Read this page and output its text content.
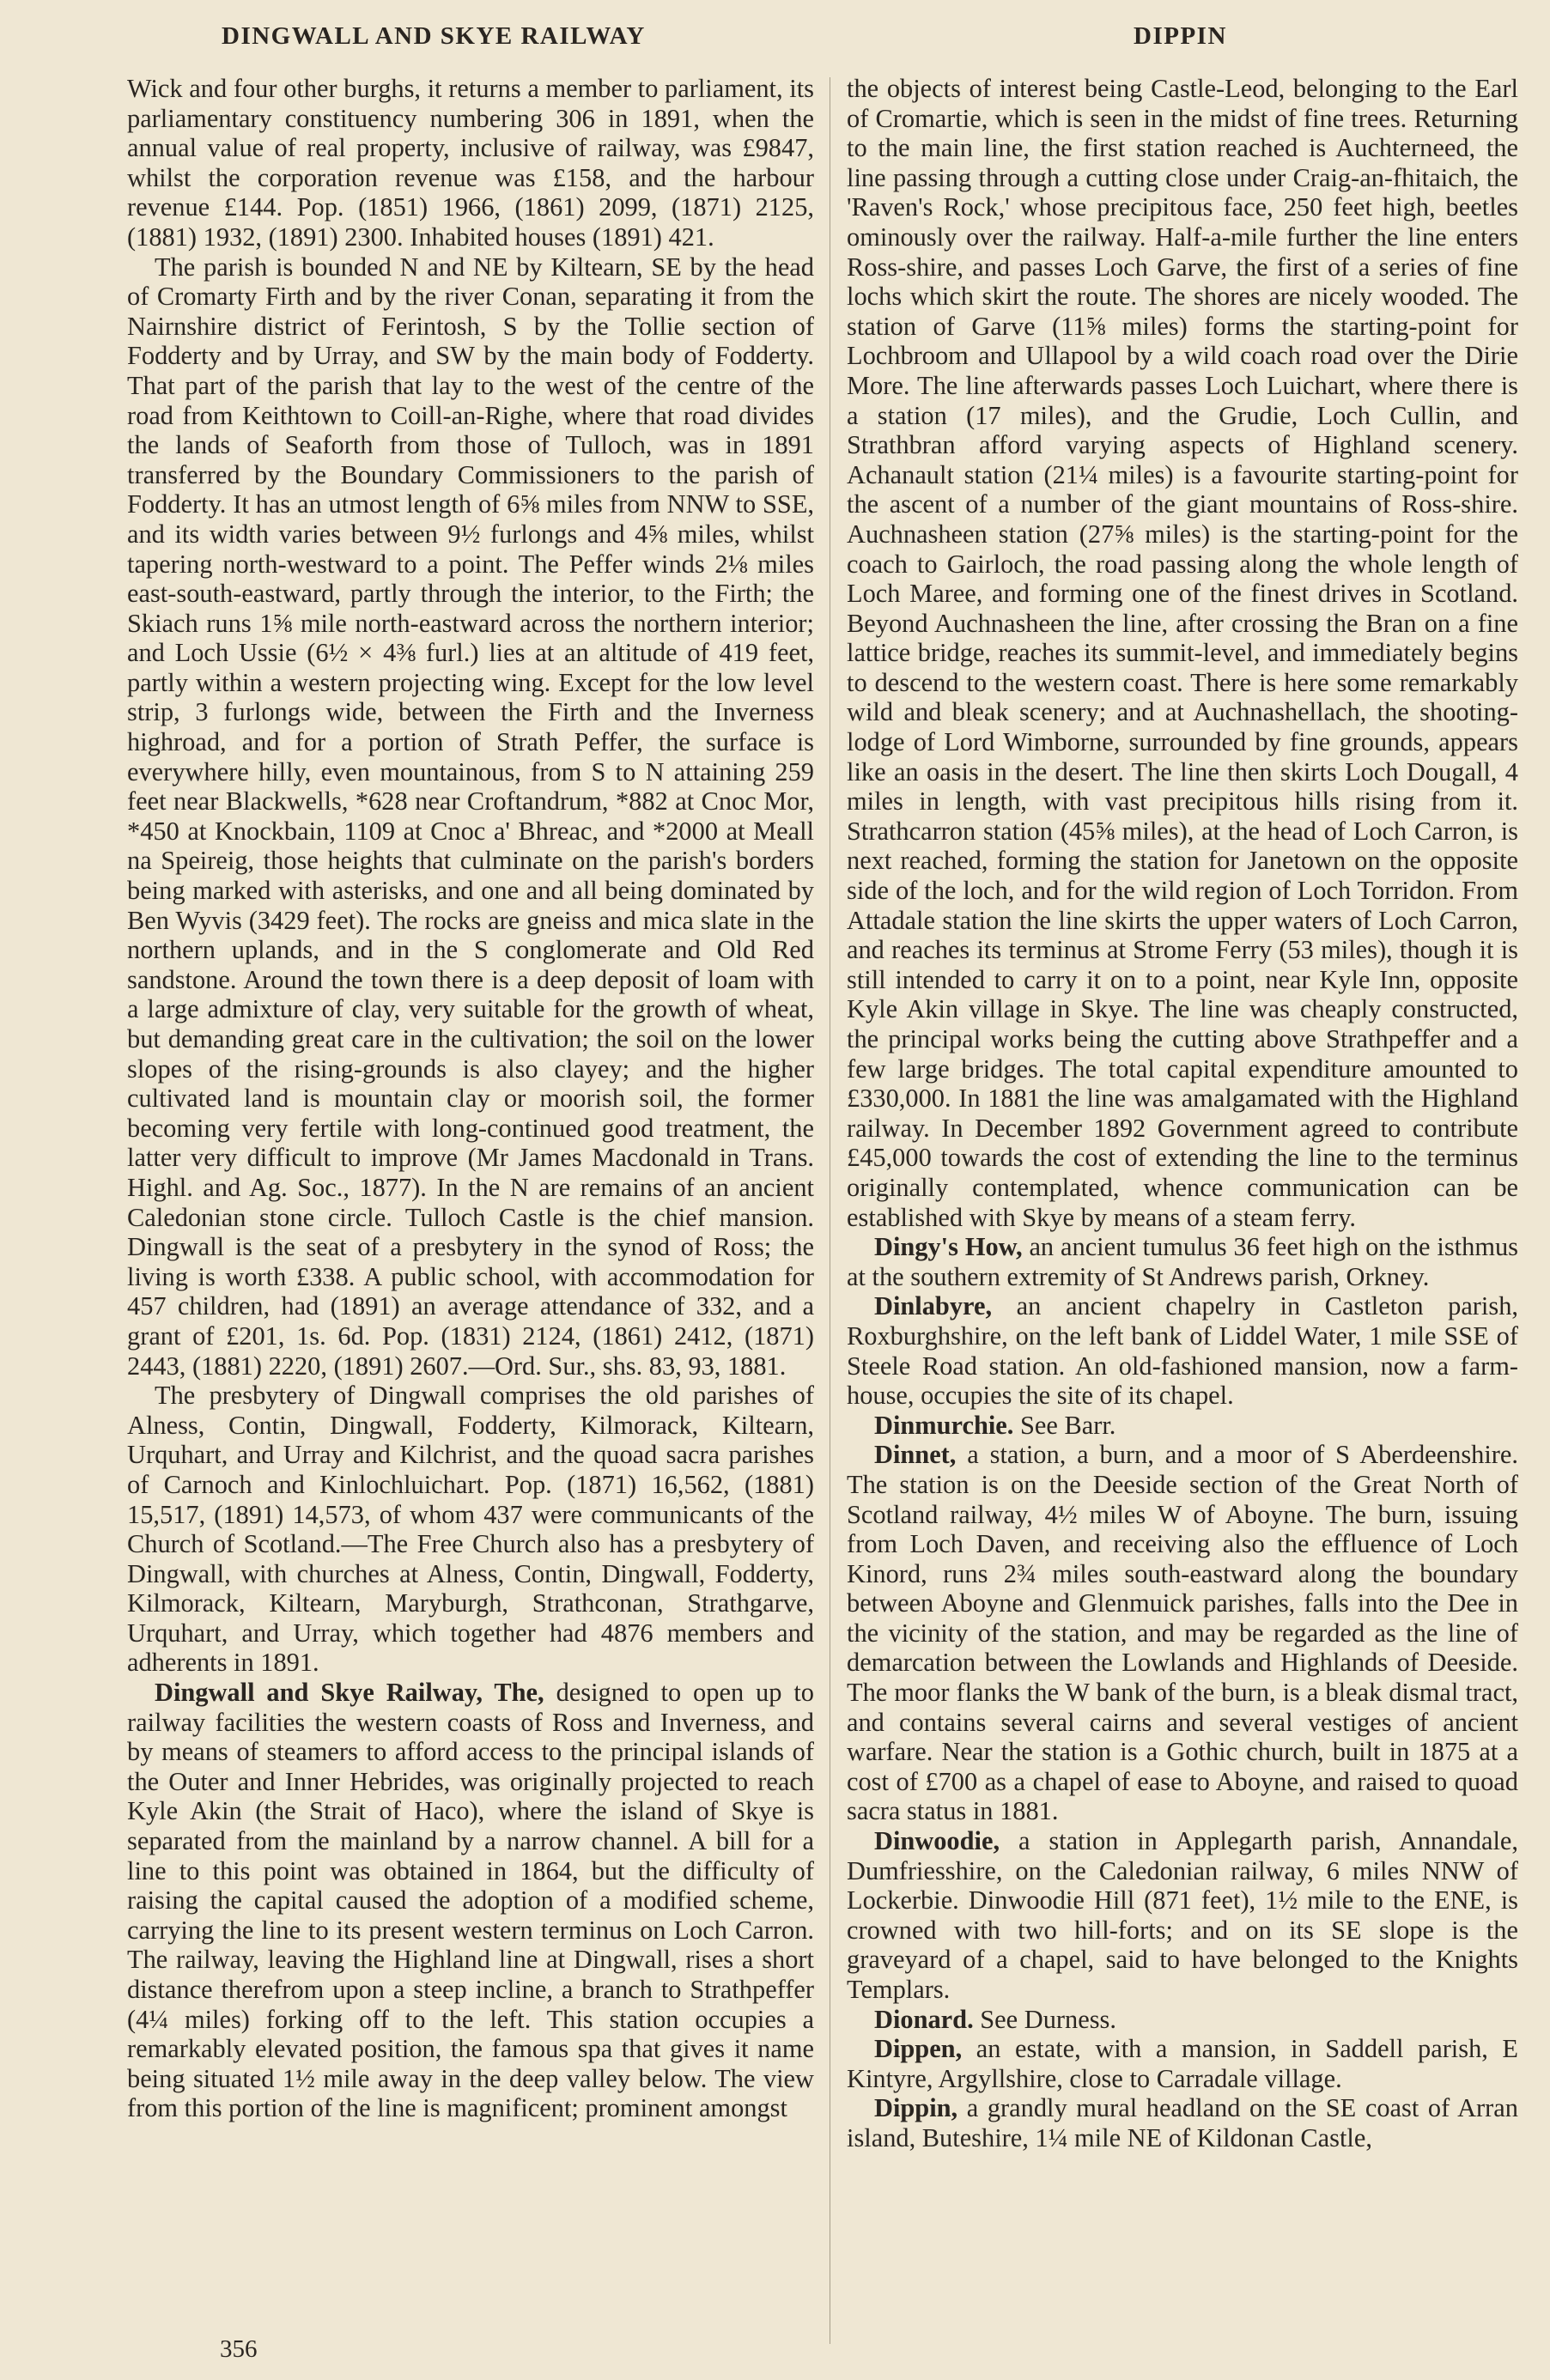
DINGWALL AND SKYE RAILWAY	DIPPIN

Wick and four other burghs, it returns a member to parliament, its parliamentary constituency numbering 306 in 1891, when the annual value of real property, inclusive of railway, was £9847, whilst the corporation revenue was £158, and the harbour revenue £144. Pop. (1851) 1966, (1861) 2099, (1871) 2125, (1881) 1932, (1891) 2300. Inhabited houses (1891) 421.

The parish is bounded N and NE by Kiltearn, SE by the head of Cromarty Firth and by the river Conan, separating it from the Nairnshire district of Ferintosh, S by the Tollie section of Fodderty and by Urray, and SW by the main body of Fodderty. That part of the parish that lay to the west of the centre of the road from Keithtown to Coill-an-Righe, where that road divides the lands of Seaforth from those of Tulloch, was in 1891 transferred by the Boundary Commissioners to the parish of Fodderty. It has an utmost length of 6⅝ miles from NNW to SSE, and its width varies between 9½ furlongs and 4⅝ miles, whilst tapering north-westward to a point. The Peffer winds 2⅛ miles east-south-eastward, partly through the interior, to the Firth; the Skiach runs 1⅝ mile north-eastward across the northern interior; and Loch Ussie (6½ × 4⅜ furl.) lies at an altitude of 419 feet, partly within a western projecting wing. Except for the low level strip, 3 furlongs wide, between the Firth and the Inverness highroad, and for a portion of Strath Peffer, the surface is everywhere hilly, even mountainous, from S to N attaining 259 feet near Blackwells, *628 near Croftandrum, *882 at Cnoc Mor, *450 at Knockbain, 1109 at Cnoc a' Bhreac, and *2000 at Meall na Speireig, those heights that culminate on the parish's borders being marked with asterisks, and one and all being dominated by Ben Wyvis (3429 feet). The rocks are gneiss and mica slate in the northern uplands, and in the S conglomerate and Old Red sandstone. Around the town there is a deep deposit of loam with a large admixture of clay, very suitable for the growth of wheat, but demanding great care in the cultivation; the soil on the lower slopes of the rising-grounds is also clayey; and the higher cultivated land is mountain clay or moorish soil, the former becoming very fertile with long-continued good treatment, the latter very difficult to improve (Mr James Macdonald in Trans. Highl. and Ag. Soc., 1877). In the N are remains of an ancient Caledonian stone circle. Tulloch Castle is the chief mansion. Dingwall is the seat of a presbytery in the synod of Ross; the living is worth £338. A public school, with accommodation for 457 children, had (1891) an average attendance of 332, and a grant of £201, 1s. 6d. Pop. (1831) 2124, (1861) 2412, (1871) 2443, (1881) 2220, (1891) 2607.—Ord. Sur., shs. 83, 93, 1881.

The presbytery of Dingwall comprises the old parishes of Alness, Contin, Dingwall, Fodderty, Kilmorack, Kiltearn, Urquhart, and Urray and Kilchrist, and the quoad sacra parishes of Carnoch and Kinlochluichart. Pop. (1871) 16,562, (1881) 15,517, (1891) 14,573, of whom 437 were communicants of the Church of Scotland.—The Free Church also has a presbytery of Dingwall, with churches at Alness, Contin, Dingwall, Fodderty, Kilmorack, Kiltearn, Maryburgh, Strathconan, Strathgarve, Urquhart, and Urray, which together had 4876 members and adherents in 1891.

Dingwall and Skye Railway, The, designed to open up to railway facilities the western coasts of Ross and Inverness, and by means of steamers to afford access to the principal islands of the Outer and Inner Hebrides, was originally projected to reach Kyle Akin (the Strait of Haco), where the island of Skye is separated from the mainland by a narrow channel. A bill for a line to this point was obtained in 1864, but the difficulty of raising the capital caused the adoption of a modified scheme, carrying the line to its present western terminus on Loch Carron. The railway, leaving the Highland line at Dingwall, rises a short distance therefrom upon a steep incline, a branch to Strathpeffer (4¼ miles) forking off to the left. This station occupies a remarkably elevated position, the famous spa that gives it name being situated 1½ mile away in the deep valley below. The view from this portion of the line is magnificent; prominent amongst

the objects of interest being Castle-Leod, belonging to the Earl of Cromartie, which is seen in the midst of fine trees. Returning to the main line, the first station reached is Auchterneed, the line passing through a cutting close under Craig-an-fhitaich, the 'Raven's Rock,' whose precipitous face, 250 feet high, beetles ominously over the railway. Half-a-mile further the line enters Ross-shire, and passes Loch Garve, the first of a series of fine lochs which skirt the route. The shores are nicely wooded. The station of Garve (11⅝ miles) forms the starting-point for Lochbroom and Ullapool by a wild coach road over the Dirie More. The line afterwards passes Loch Luichart, where there is a station (17 miles), and the Grudie, Loch Cullin, and Strathbran afford varying aspects of Highland scenery. Achanault station (21¼ miles) is a favourite starting-point for the ascent of a number of the giant mountains of Ross-shire. Auchnasheen station (27⅝ miles) is the starting-point for the coach to Gairloch, the road passing along the whole length of Loch Maree, and forming one of the finest drives in Scotland. Beyond Auchnasheen the line, after crossing the Bran on a fine lattice bridge, reaches its summit-level, and immediately begins to descend to the western coast. There is here some remarkably wild and bleak scenery; and at Auchnashellach, the shooting-lodge of Lord Wimborne, surrounded by fine grounds, appears like an oasis in the desert. The line then skirts Loch Dougall, 4 miles in length, with vast precipitous hills rising from it. Strathcarron station (45⅝ miles), at the head of Loch Carron, is next reached, forming the station for Janetown on the opposite side of the loch, and for the wild region of Loch Torridon. From Attadale station the line skirts the upper waters of Loch Carron, and reaches its terminus at Strome Ferry (53 miles), though it is still intended to carry it on to a point, near Kyle Inn, opposite Kyle Akin village in Skye. The line was cheaply constructed, the principal works being the cutting above Strathpeffer and a few large bridges. The total capital expenditure amounted to £330,000. In 1881 the line was amalgamated with the Highland railway. In December 1892 Government agreed to contribute £45,000 towards the cost of extending the line to the terminus originally contemplated, whence communication can be established with Skye by means of a steam ferry.

Dingy's How, an ancient tumulus 36 feet high on the isthmus at the southern extremity of St Andrews parish, Orkney.

Dinlabyre, an ancient chapelry in Castleton parish, Roxburghshire, on the left bank of Liddel Water, 1 mile SSE of Steele Road station. An old-fashioned mansion, now a farm-house, occupies the site of its chapel.

Dinmurchie. See Barr.

Dinnet, a station, a burn, and a moor of S Aberdeenshire. The station is on the Deeside section of the Great North of Scotland railway, 4½ miles W of Aboyne. The burn, issuing from Loch Daven, and receiving also the effluence of Loch Kinord, runs 2¾ miles south-eastward along the boundary between Aboyne and Glenmuick parishes, falls into the Dee in the vicinity of the station, and may be regarded as the line of demarcation between the Lowlands and Highlands of Deeside. The moor flanks the W bank of the burn, is a bleak dismal tract, and contains several cairns and several vestiges of ancient warfare. Near the station is a Gothic church, built in 1875 at a cost of £700 as a chapel of ease to Aboyne, and raised to quoad sacra status in 1881.

Dinwoodie, a station in Applegarth parish, Annandale, Dumfriesshire, on the Caledonian railway, 6 miles NNW of Lockerbie. Dinwoodie Hill (871 feet), 1½ mile to the ENE, is crowned with two hill-forts; and on its SE slope is the graveyard of a chapel, said to have belonged to the Knights Templars.

Dionard. See Durness.

Dippen, an estate, with a mansion, in Saddell parish, E Kintyre, Argyllshire, close to Carradale village.

Dippin, a grandly mural headland on the SE coast of Arran island, Buteshire, 1¼ mile NE of Kildonan Castle,

356
